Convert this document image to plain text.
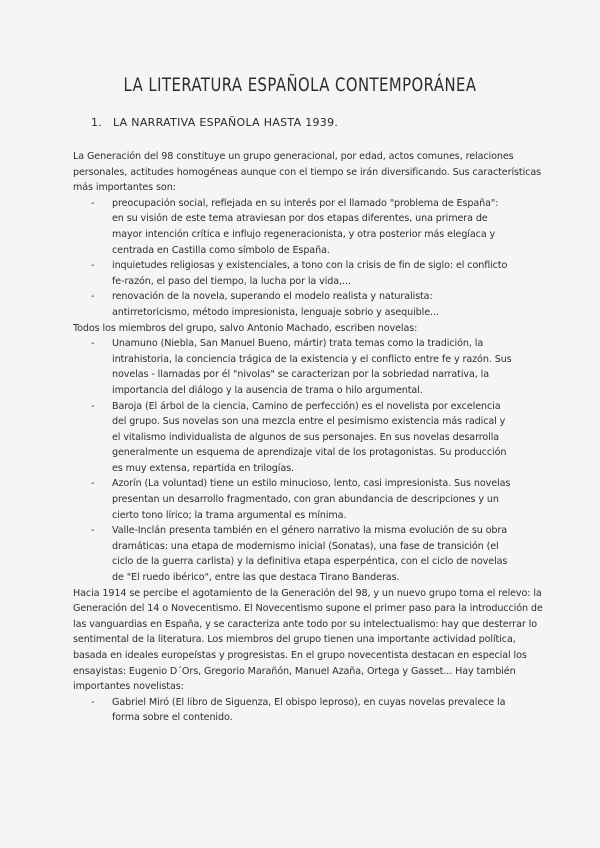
LA LITERATURA ESPAÑOLA CONTEMPORÁNEA
1. LA NARRATIVA ESPAÑOLA HASTA 1939.

La Generación del 98 constituye un grupo generacional, por edad, actos comunes, relaciones personales, actitudes homogéneas aunque con el tiempo se irán diversificando. Sus características más importantes son:

- preocupación social, reflejada en su interés por el llamado "problema de España": en su visión de este tema atraviesan por dos etapas diferentes, una primera de mayor intención crítica e influjo regeneracionista, y otra posterior más elegíaca y centrada en Castilla como símbolo de España.
- inquietudes religiosas y existenciales, a tono con la crisis de fin de siglo: el conflicto fe-razón, el paso del tiempo, la lucha por la vida,...
- renovación de la novela, superando el modelo realista y naturalista: antirretoricismo, método impresionista, lenguaje sobrio y asequible...

Todos los miembros del grupo, salvo Antonio Machado, escriben novelas:

- Unamuno (Niebla, San Manuel Bueno, mártir) trata temas como la tradición, la intrahistoria, la conciencia trágica de la existencia y el conflicto entre fe y razón. Sus novelas - llamadas por él "nivolas" se caracterizan por la sobriedad narrativa, la importancia del diálogo y la ausencia de trama o hilo argumental.
- Baroja (El árbol de la ciencia, Camino de perfección) es el novelista por excelencia del grupo. Sus novelas son una mezcla entre el pesimismo existencia más radical y el vitalismo individualista de algunos de sus personajes. En sus novelas desarrolla generalmente un esquema de aprendizaje vital de los protagonistas. Su producción es muy extensa, repartida en trilogías.
- Azorín (La voluntad) tiene un estilo minucioso, lento, casi impresionista. Sus novelas presentan un desarrollo fragmentado, con gran abundancia de descripciones y un cierto tono lírico; la trama argumental es mínima.
- Valle-Inclán presenta también en el género narrativo la misma evolución de su obra dramáticas: una etapa de modernismo inicial (Sonatas), una fase de transición (el ciclo de la guerra carlista) y la definitiva etapa esperpéntica, con el ciclo de novelas de "El ruedo ibérico", entre las que destaca Tirano Banderas.

Hacia 1914 se percibe el agotamiento de la Generación del 98, y un nuevo grupo toma el relevo: la Generación del 14 o Novecentismo. El Novecentismo supone el primer paso para la introducción de las vanguardias en España, y se caracteriza ante todo por su intelectualismo: hay que desterrar lo sentimental de la literatura. Los miembros del grupo tienen una importante actividad política, basada en ideales europeístas y progresistas. En el grupo novecentista destacan en especial los ensayistas: Eugenio D´Ors, Gregorio Marañón, Manuel Azaña, Ortega y Gasset... Hay también importantes novelistas:

- Gabriel Miró (El libro de Siguenza, El obispo leproso), en cuyas novelas prevalece la forma sobre el contenido.
